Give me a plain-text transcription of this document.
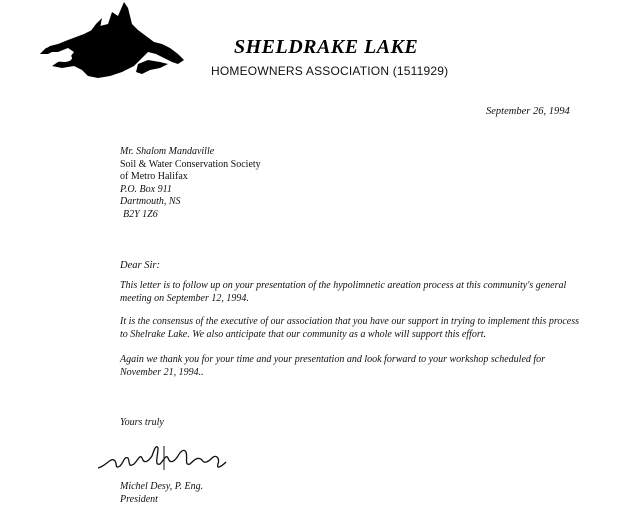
SHELDRAKE LAKE
HOMEOWNERS ASSOCIATION (1511929)
September 26, 1994
Mr. Shalom Mandaville
Soil & Water Conservation Society
of Metro Halifax
P.O. Box 911
Dartmouth, NS
B2Y 1Z6
Dear Sir:
This letter is to follow up on your presentation of the hypolimnetic areation process at this community's general meeting on September 12, 1994.
It is the consensus of the executive of our association that you have our support in trying to implement this process to Shelrake Lake. We also anticipate that our community as a whole will support this effort.
Again we thank you for your time and your presentation and look forward to your workshop scheduled for November 21, 1994..
Yours truly
Michel Desy, P. Eng.
President
